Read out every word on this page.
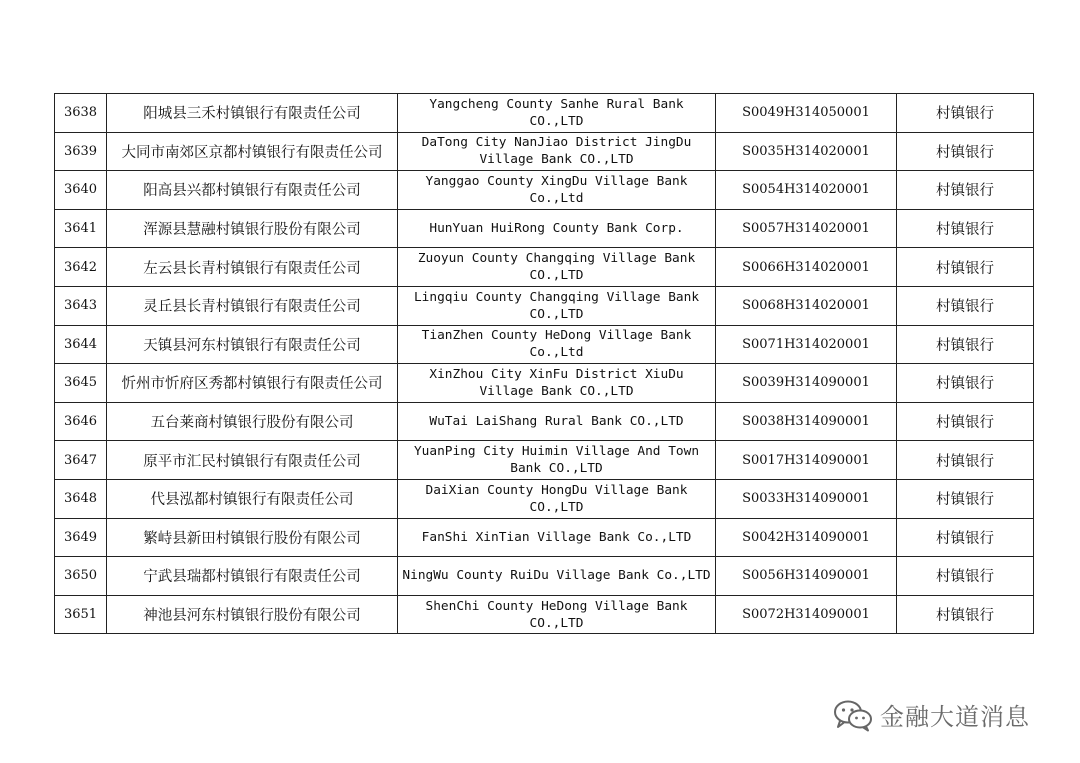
3638	阳城县三禾村镇银行有限责任公司	Yangcheng County Sanhe Rural Bank CO.,LTD	S0049H314050001	村镇银行
3639	大同市南郊区京都村镇银行有限责任公司	DaTong City NanJiao District JingDu Village Bank CO.,LTD	S0035H314020001	村镇银行
3640	阳高县兴都村镇银行有限责任公司	Yanggao County XingDu Village Bank Co.,Ltd	S0054H314020001	村镇银行
3641	浑源县慧融村镇银行股份有限公司	HunYuan HuiRong County Bank Corp.	S0057H314020001	村镇银行
3642	左云县长青村镇银行有限责任公司	Zuoyun County Changqing Village Bank CO.,LTD	S0066H314020001	村镇银行
3643	灵丘县长青村镇银行有限责任公司	Lingqiu County Changqing Village Bank CO.,LTD	S0068H314020001	村镇银行
3644	天镇县河东村镇银行有限责任公司	TianZhen County HeDong Village Bank Co.,Ltd	S0071H314020001	村镇银行
3645	忻州市忻府区秀都村镇银行有限责任公司	XinZhou City XinFu District XiuDu Village Bank CO.,LTD	S0039H314090001	村镇银行
3646	五台莱商村镇银行股份有限公司	WuTai LaiShang Rural Bank CO.,LTD	S0038H314090001	村镇银行
3647	原平市汇民村镇银行有限责任公司	YuanPing City Huimin Village And Town Bank CO.,LTD	S0017H314090001	村镇银行
3648	代县泓都村镇银行有限责任公司	DaiXian County HongDu Village Bank CO.,LTD	S0033H314090001	村镇银行
3649	繁峙县新田村镇银行股份有限公司	FanShi XinTian Village Bank Co.,LTD	S0042H314090001	村镇银行
3650	宁武县瑞都村镇银行有限责任公司	NingWu County RuiDu Village Bank Co.,LTD	S0056H314090001	村镇银行
3651	神池县河东村镇银行股份有限公司	ShenChi County HeDong Village Bank CO.,LTD	S0072H314090001	村镇银行
金融大道消息
